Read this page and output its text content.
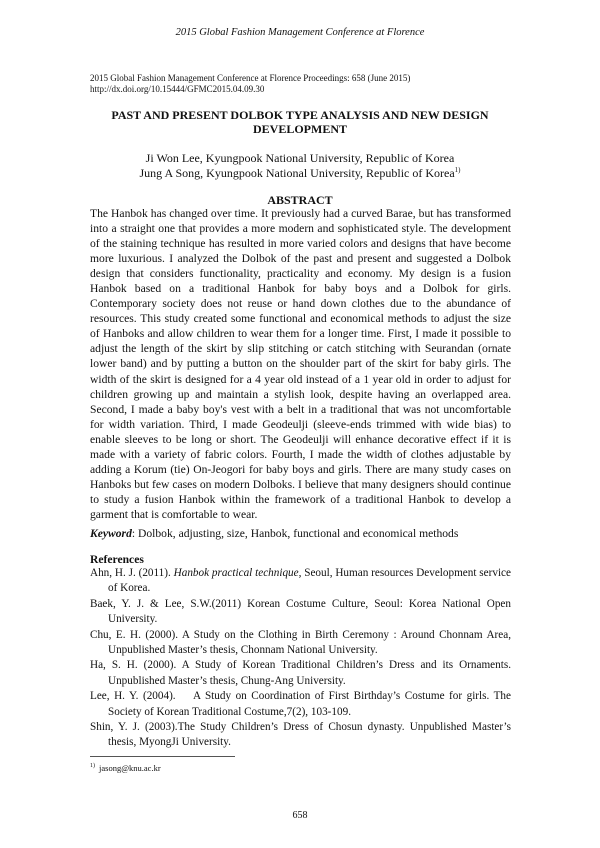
2015 Global Fashion Management Conference at Florence
2015 Global Fashion Management Conference at Florence Proceedings: 658 (June 2015)
http://dx.doi.org/10.15444/GFMC2015.04.09.30
PAST AND PRESENT DOLBOK TYPE ANALYSIS AND NEW DESIGN DEVELOPMENT
Ji Won Lee, Kyungpook National University, Republic of Korea
Jung A Song, Kyungpook National University, Republic of Korea$^{1)}$
ABSTRACT

The Hanbok has changed over time. It previously had a curved Barae, but has transformed into a straight one that provides a more modern and sophisticated style. The development of the staining technique has resulted in more varied colors and designs that have become more luxurious. I analyzed the Dolbok of the past and present and suggested a Dolbok design that considers functionality, practicality and economy. My design is a fusion Hanbok based on a traditional Hanbok for baby boys and a Dolbok for girls. Contemporary society does not reuse or hand down clothes due to the abundance of resources. This study created some functional and economical methods to adjust the size of Hanboks and allow children to wear them for a longer time. First, I made it possible to adjust the length of the skirt by slip stitching or catch stitching with Seurandan (ornate lower band) and by putting a button on the shoulder part of the skirt for baby girls. The width of the skirt is designed for a 4 year old instead of a 1 year old in order to adjust for children growing up and maintain a stylish look, despite having an overlapped area. Second, I made a baby boy's vest with a belt in a traditional that was not uncomfortable for width variation. Third, I made Geodeulji (sleeve-ends trimmed with wide bias) to enable sleeves to be long or short. The Geodeulji will enhance decorative effect if it is made with a variety of fabric colors. Fourth, I made the width of clothes adjustable by adding a Korum (tie) On-Jeogori for baby boys and girls. There are many study cases on Hanboks but few cases on modern Dolboks. I believe that many designers should continue to study a fusion Hanbok within the framework of a traditional Hanbok to develop a garment that is comfortable to wear.

Keyword: Dolbok, adjusting, size, Hanbok, functional and economical methods
References
Ahn, H. J. (2011). Hanbok practical technique, Seoul, Human resources Development service of Korea.
Baek, Y. J. & Lee, S.W.(2011) Korean Costume Culture, Seoul: Korea National Open University.
Chu, E. H. (2000). A Study on the Clothing in Birth Ceremony : Around Chonnam Area, Unpublished Master’s thesis, Chonnam National University.
Ha, S. H. (2000). A Study of Korean Traditional Children’s Dress and its Ornaments. Unpublished Master’s thesis, Chung-Ang University.
Lee, H. Y. (2004).    A Study on Coordination of First Birthday’s Costume for girls. The Society of Korean Traditional Costume,7(2), 103-109.
Shin, Y. J. (2003).The Study Children’s Dress of Chosun dynasty. Unpublished Master’s thesis, MyongJi University.
$^{1)}$ jasong@knu.ac.kr
658
